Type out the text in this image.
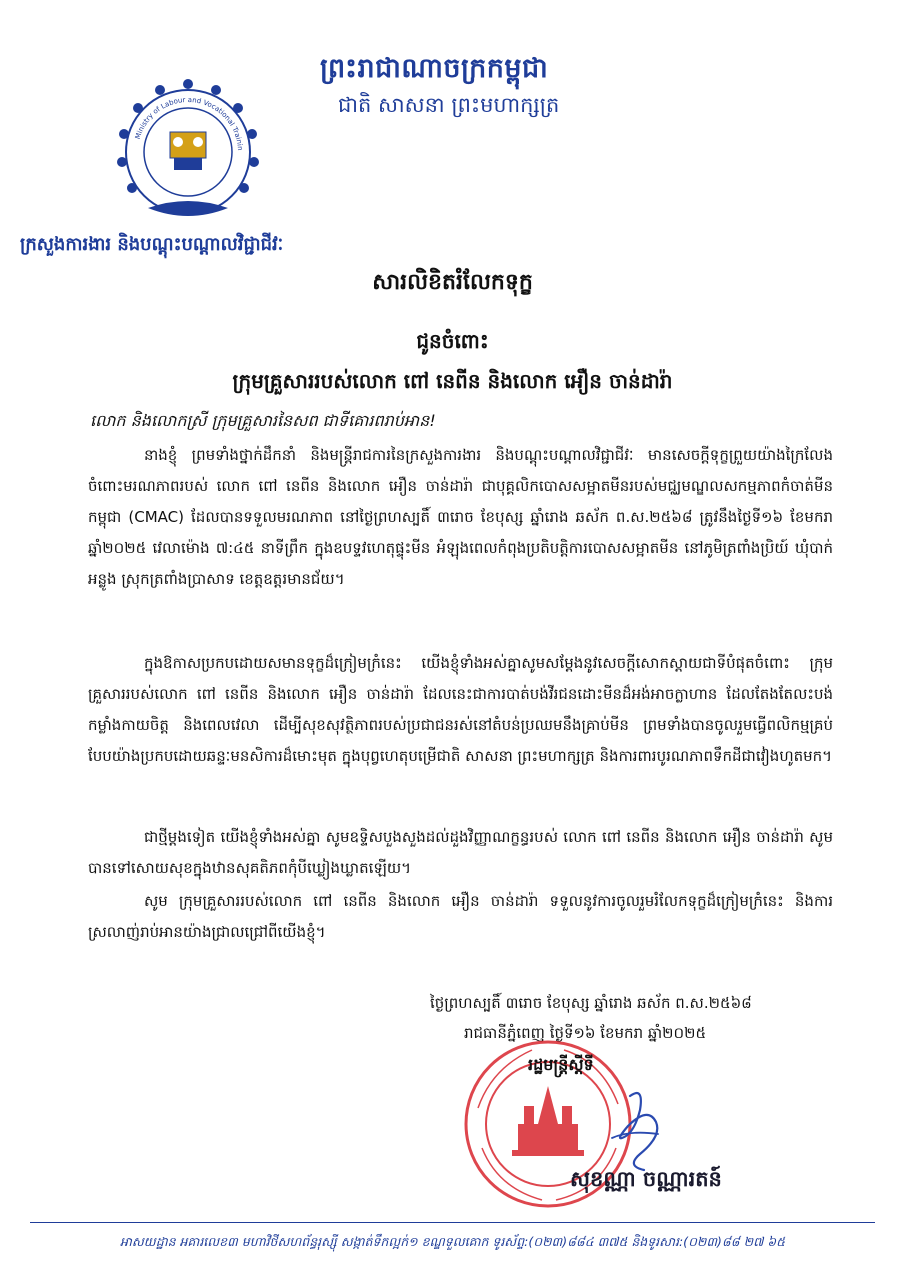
ព្រះរាជាណាចក្រកម្ពុជា
ជាតិ សាសនា ព្រះមហាក្សត្រ
Ministry of Labour and Vocational Trainin
ក្រសួងការងារ និងបណ្តុះបណ្តាលវិជ្ជាជីវៈ
សារលិខិតរំលែកទុក្ខ
ជូនចំពោះ
ក្រុមគ្រួសាររបស់លោក ពៅ នេពីន និងលោក អឿន ចាន់ដារ៉ា
លោក និងលោកស្រី ក្រុមគ្រួសារនៃសព ជាទីគោរពរាប់អាន!
នាងខ្ញុំ ព្រមទាំងថ្នាក់ដឹកនាំ និងមន្ត្រីរាជការនៃក្រសួងការងារ និងបណ្តុះបណ្តាលវិជ្ជាជីវៈ មានសេចក្តីទុក្ខព្រួយយ៉ាងក្រៃលែងចំពោះមរណភាពរបស់ លោក ពៅ នេពីន និងលោក អឿន ចាន់ដារ៉ា ជាបុគ្គលិកបោសសម្អាតមីនរបស់មជ្ឈមណ្ឌលសកម្មភាពកំចាត់មីនកម្ពុជា (CMAC) ដែលបានទទួលមរណភាព នៅថ្ងៃព្រហស្បតិ៍ ៣រោច ខែបុស្ស ឆ្នាំរោង ឆស័ក ព.ស.២៥៦៨ ត្រូវនឹងថ្ងៃទី១៦ ខែមករា ឆ្នាំ២០២៥ វេលាម៉ោង ៧:៤៥ នាទីព្រឹក ក្នុងឧបទ្ទវហេតុផ្ទុះមីន អំឡុងពេលកំពុងប្រតិបត្តិការបោសសម្អាតមីន នៅភូមិត្រពាំងប្រិយ៍ ឃុំបាក់អន្លូង ស្រុកត្រពាំងប្រាសាទ ខេត្តឧត្តរមានជ័យ។
ក្នុងឱកាសប្រកបដោយសមានទុក្ខដ៏ក្រៀមក្រំនេះ យើងខ្ញុំទាំងអស់គ្នាសូមសម្តែងនូវសេចក្តីសោកស្តាយជាទីបំផុតចំពោះ ក្រុមគ្រួសាររបស់លោក ពៅ នេពីន និងលោក អឿន ចាន់ដារ៉ា ដែលនេះជាការបាត់បង់វីរជនដោះមីនដ៏អង់អាចក្លាហាន ដែលតែងតែលះបង់កម្លាំងកាយចិត្ត និងពេលវេលា ដើម្បីសុខសុវត្ថិភាពរបស់ប្រជាជនរស់នៅតំបន់ប្រឈមនឹងគ្រាប់មីន ព្រមទាំងបានចូលរួមធ្វើពលិកម្មគ្រប់បែបយ៉ាងប្រកបដោយឆន្ទៈមនសិការដ៏មោះមុត ក្នុងបុព្វហេតុបម្រើជាតិ សាសនា ព្រះមហាក្សត្រ និងការពារបូរណភាពទឹកដីជាវៀងហូតមក។
ជាថ្មីម្តងទៀត យើងខ្ញុំទាំងអស់គ្នា សូមឧទ្ទិសបួងសួងដល់ដួងវិញ្ញាណក្ខន្ធរបស់ លោក ពៅ នេពីន និងលោក អឿន ចាន់ដារ៉ា សូមបានទៅសោយសុខក្នុងឋានសុគតិភពកុំបីឃ្លៀងឃ្លាតឡើយ។
សូម ក្រុមគ្រួសាររបស់លោក ពៅ នេពីន និងលោក អឿន ចាន់ដារ៉ា ទទួលនូវការចូលរួមរំលែកទុក្ខដ៏ក្រៀមក្រំនេះ និងការស្រលាញ់រាប់អានយ៉ាងជ្រាលជ្រៅពីយើងខ្ញុំ។
ថ្ងៃព្រហស្បតិ៍ ៣រោច ខែបុស្ស ឆ្នាំរោង ឆស័ក ព.ស.២៥៦៨
រាជធានីភ្នំពេញ ថ្ងៃទី១៦ ខែមករា ឆ្នាំ២០២៥
រដ្ឋមន្ត្រីស្តីទី
សុខណ្ណា ចណ្ណារតន៍
អាសយដ្ឋាន អគារលេខ៣ មហាវិថីសហព័ន្ធរុស្ស៊ី សង្កាត់ទឹកល្អក់១ ខណ្ឌទួលគោក ទូរស័ព្ទ:(០២៣)៨៨៤ ៣៧៥ និងទូរសារ:(០២៣)៨៨ ២៧ ៦៥
